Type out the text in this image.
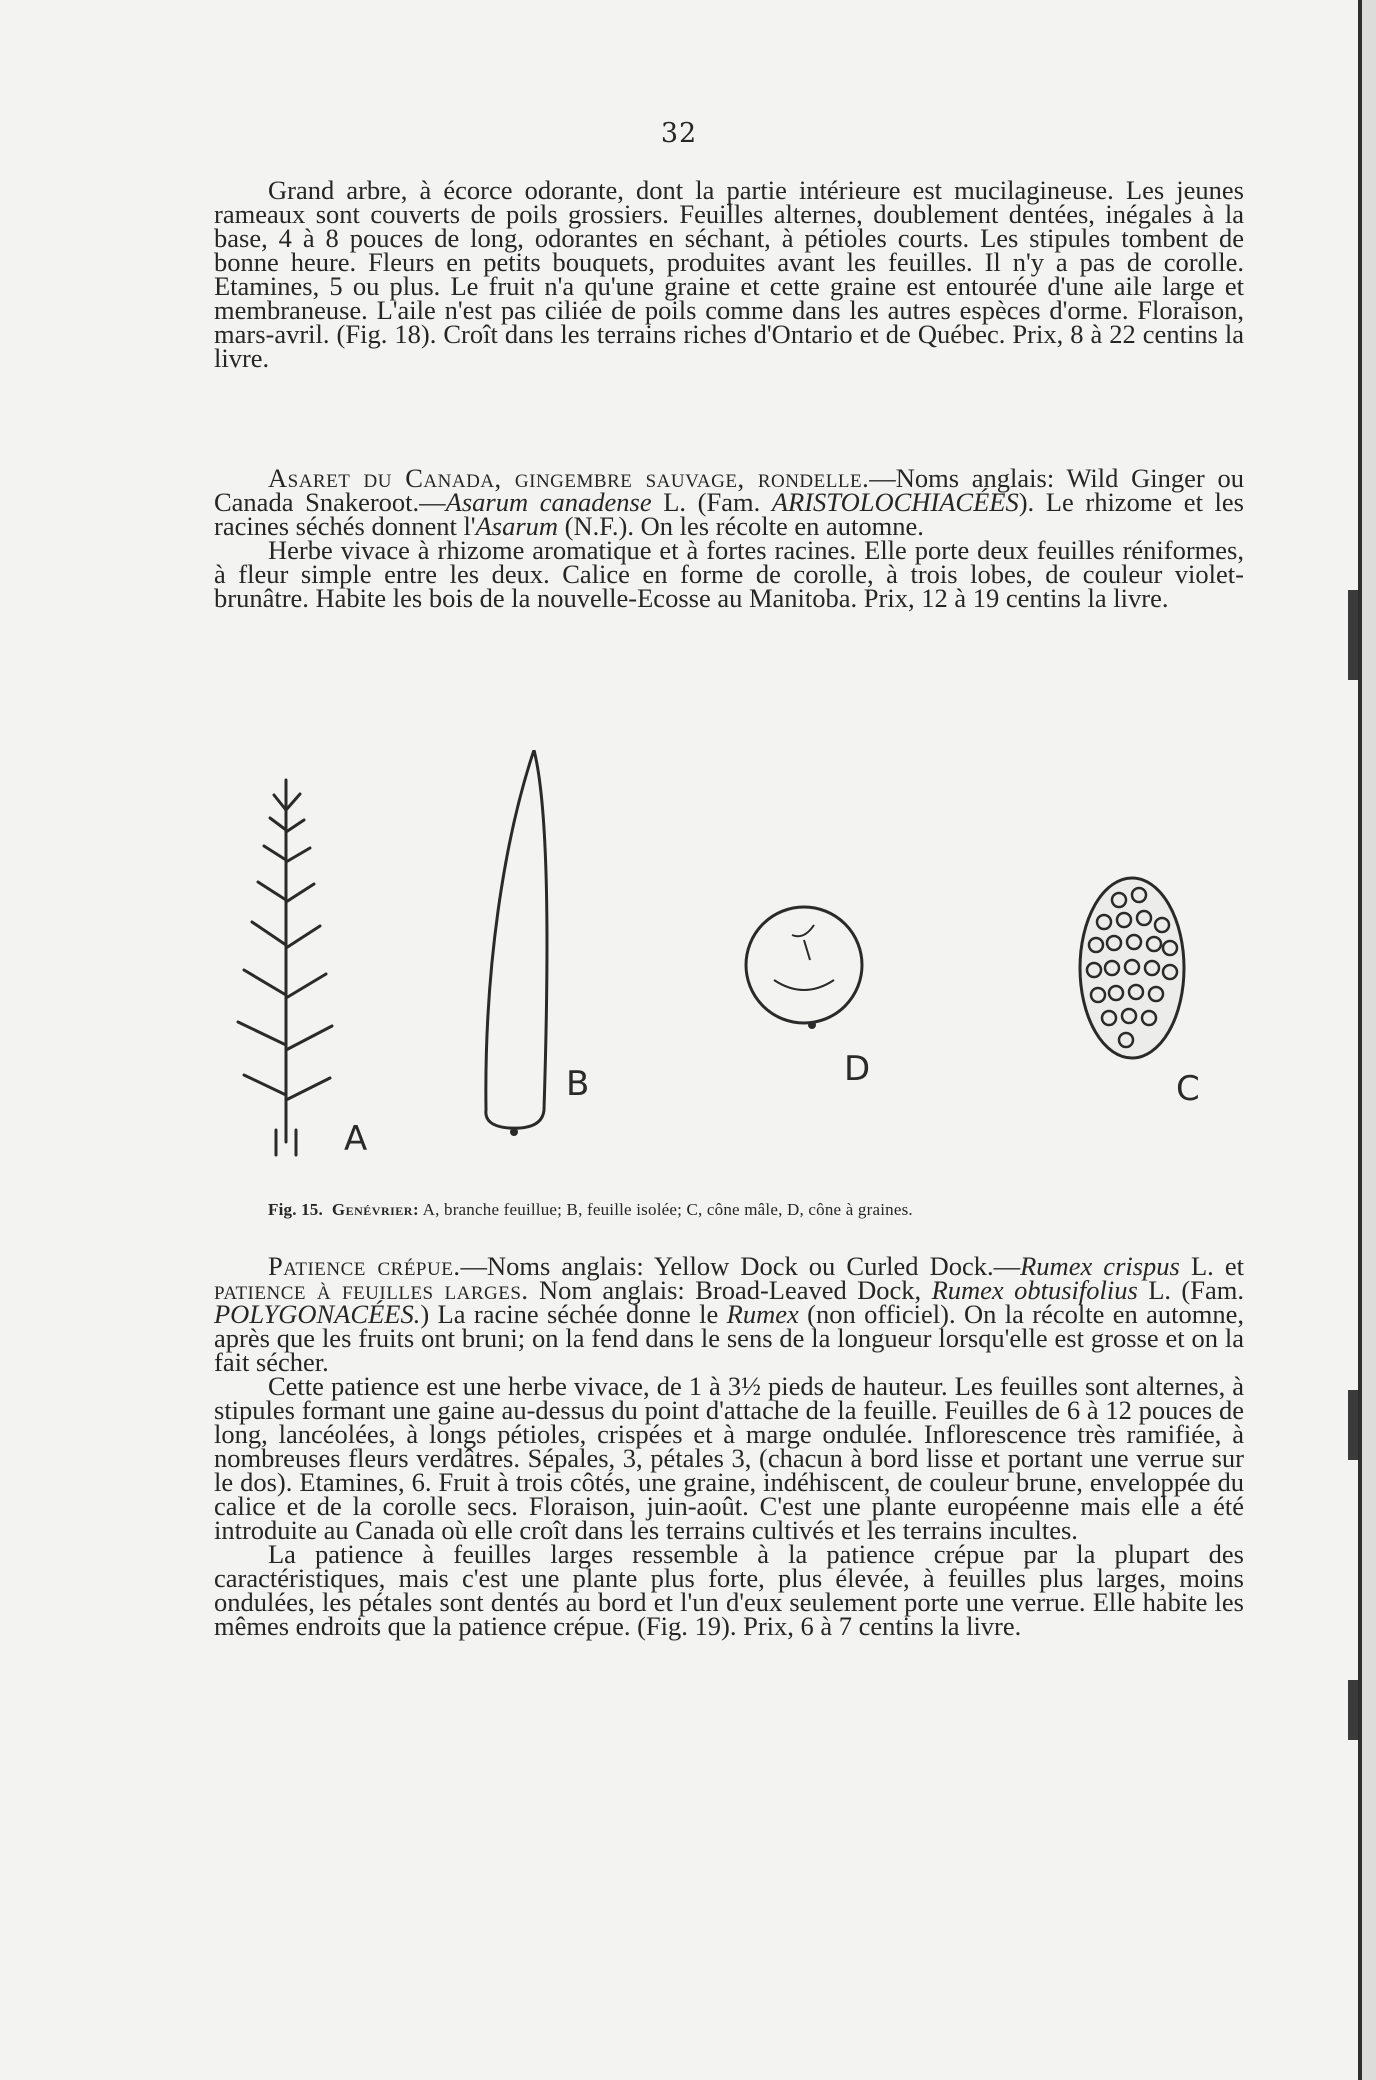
32

Grand arbre, à écorce odorante, dont la partie intérieure est mucilagineuse. Les jeunes rameaux sont couverts de poils grossiers. Feuilles alternes, doublement dentées, inégales à la base, 4 à 8 pouces de long, odorantes en séchant, à pétioles courts. Les stipules tombent de bonne heure. Fleurs en petits bouquets, produites avant les feuilles. Il n'y a pas de corolle. Etamines, 5 ou plus. Le fruit n'a qu'une graine et cette graine est entourée d'une aile large et membraneuse. L'aile n'est pas ciliée de poils comme dans les autres espèces d'orme. Floraison, mars-avril. (Fig. 18). Croît dans les terrains riches d'Ontario et de Québec. Prix, 8 à 22 centins la livre.

Asaret du Canada, gingembre sauvage, rondelle.—Noms anglais: Wild Ginger ou Canada Snakeroot.—Asarum canadense L. (Fam. ARISTOLOCHIACÉES). Le rhizome et les racines séchés donnent l'Asarum (N.F.). On les récolte en automne.

Herbe vivace à rhizome aromatique et à fortes racines. Elle porte deux feuilles réniformes, à fleur simple entre les deux. Calice en forme de corolle, à trois lobes, de couleur violet-brunâtre. Habite les bois de la nouvelle-Ecosse au Manitoba. Prix, 12 à 19 centins la livre.

A
B	D	C
Fig. 15. Genévrier: A, branche feuillue; B, feuille isolée; C, cône mâle, D, cône à graines.

Patience crépue.—Noms anglais: Yellow Dock ou Curled Dock.—Rumex crispus L. et patience à feuilles larges. Nom anglais: Broad-Leaved Dock, Rumex obtusifolius L. (Fam. POLYGONACÉES.) La racine séchée donne le Rumex (non officiel). On la récolte en automne, après que les fruits ont bruni; on la fend dans le sens de la longueur lorsqu'elle est grosse et on la fait sécher.

Cette patience est une herbe vivace, de 1 à 3½ pieds de hauteur. Les feuilles sont alternes, à stipules formant une gaine au-dessus du point d'attache de la feuille. Feuilles de 6 à 12 pouces de long, lancéolées, à longs pétioles, crispées et à marge ondulée. Inflorescence très ramifiée, à nombreuses fleurs verdâtres. Sépales, 3, pétales 3, (chacun à bord lisse et portant une verrue sur le dos). Etamines, 6. Fruit à trois côtés, une graine, indéhiscent, de couleur brune, enveloppée du calice et de la corolle secs. Floraison, juin-août. C'est une plante européenne mais elle a été introduite au Canada où elle croît dans les terrains cultivés et les terrains incultes.

La patience à feuilles larges ressemble à la patience crépue par la plupart des caractéristiques, mais c'est une plante plus forte, plus élevée, à feuilles plus larges, moins ondulées, les pétales sont dentés au bord et l'un d'eux seulement porte une verrue. Elle habite les mêmes endroits que la patience crépue. (Fig. 19). Prix, 6 à 7 centins la livre.
